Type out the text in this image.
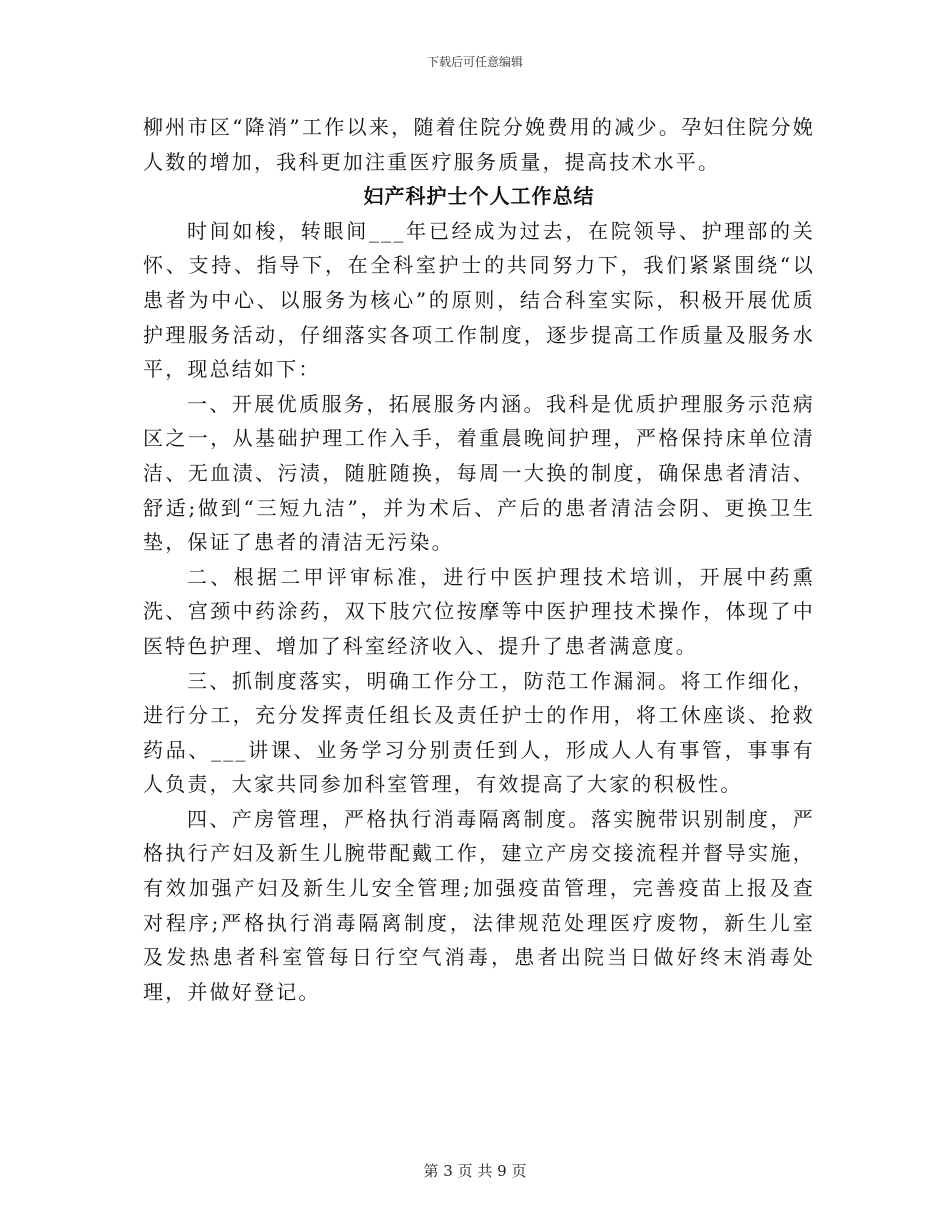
下载后可任意编辑

柳州市区“降消”工作以来，随着住院分娩费用的减少。孕妇住院分娩人数的增加，我科更加注重医疗服务质量，提高技术水平。

妇产科护士个人工作总结

时间如梭，转眼间___年已经成为过去，在院领导、护理部的关怀、支持、指导下，在全科室护士的共同努力下，我们紧紧围绕“以患者为中心、以服务为核心”的原则，结合科室实际，积极开展优质护理服务活动，仔细落实各项工作制度，逐步提高工作质量及服务水平，现总结如下：

一、开展优质服务，拓展服务内涵。我科是优质护理服务示范病区之一，从基础护理工作入手，着重晨晚间护理，严格保持床单位清洁、无血渍、污渍，随脏随换，每周一大换的制度，确保患者清洁、舒适;做到“三短九洁”，并为术后、产后的患者清洁会阴、更换卫生垫，保证了患者的清洁无污染。

二、根据二甲评审标准，进行中医护理技术培训，开展中药熏洗、宫颈中药涂药，双下肢穴位按摩等中医护理技术操作，体现了中医特色护理、增加了科室经济收入、提升了患者满意度。

三、抓制度落实，明确工作分工，防范工作漏洞。将工作细化，进行分工，充分发挥责任组长及责任护士的作用，将工休座谈、抢救药品、___讲课、业务学习分别责任到人，形成人人有事管，事事有人负责，大家共同参加科室管理，有效提高了大家的积极性。

四、产房管理，严格执行消毒隔离制度。落实腕带识别制度，严格执行产妇及新生儿腕带配戴工作，建立产房交接流程并督导实施，有效加强产妇及新生儿安全管理;加强疫苗管理，完善疫苗上报及查对程序;严格执行消毒隔离制度，法律规范处理医疗废物，新生儿室及发热患者科室管每日行空气消毒，患者出院当日做好终末消毒处理，并做好登记。

第 3 页 共 9 页
